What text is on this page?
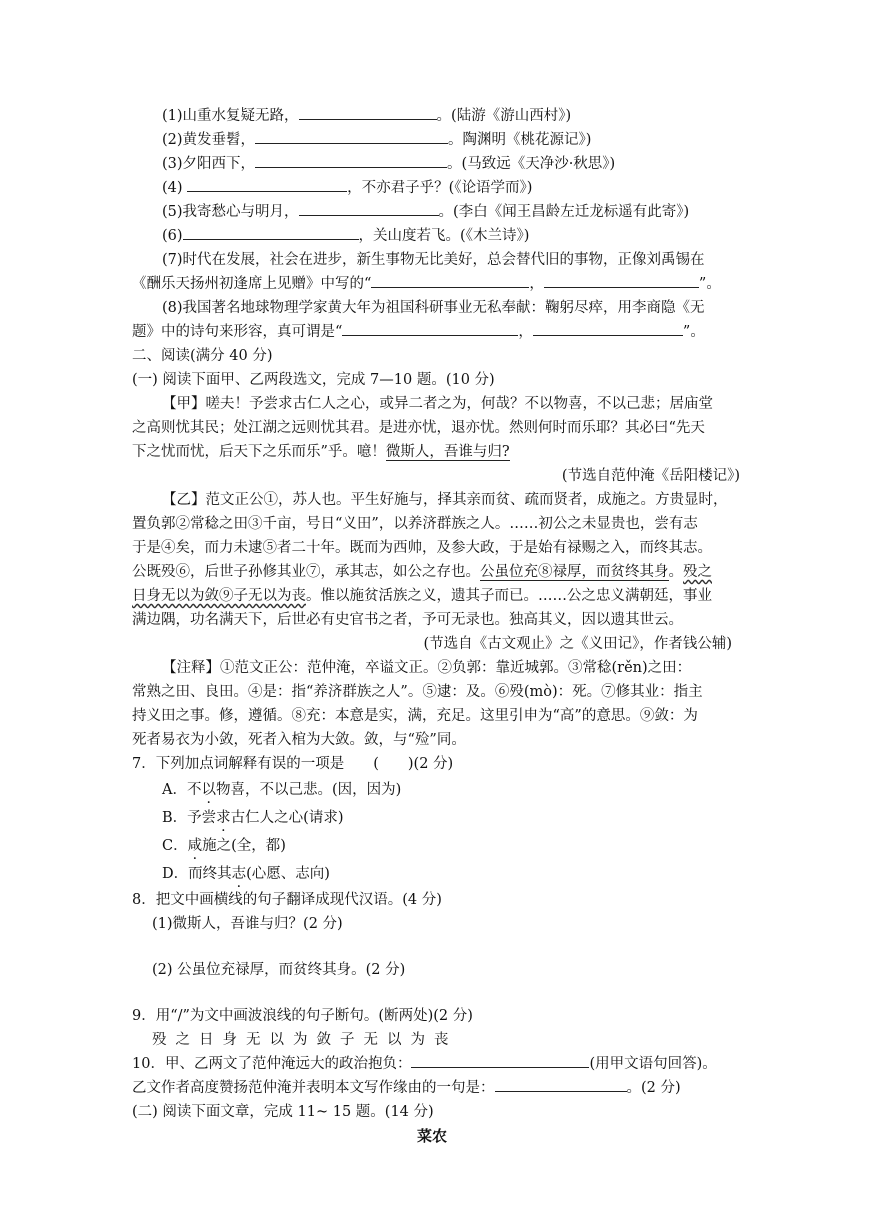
(1)山重水复疑无路，	。(陆游《游山西村》)
(2)黄发垂髫，	。陶渊明《桃花源记》)
(3)夕阳西下，	。(马致远《天净沙·秋思》)
(4)	，不亦君子乎？(《论语学而》)
(5)我寄愁心与明月，	。(李白《闻王昌龄左迁龙标遥有此寄》)
(6)	，关山度若飞。(《木兰诗》)
(7)时代在发展，社会在进步，新生事物无比美好，总会替代旧的事物，正像刘禹锡在
《酬乐天扬州初逢席上见赠》中写的“	，	”。
(8)我国著名地球物理学家黄大年为祖国科研事业无私奉献：鞠躬尽瘁，用李商隐《无
题》中的诗句来形容，真可谓是“	，	”。
二、阅读(满分 40 分)
(一) 阅读下面甲、乙两段选文，完成 7—10 题。(10 分)
【甲】嗟夫！予尝求古仁人之心，或异二者之为，何哉？不以物喜，不以己悲；居庙堂
之高则忧其民；处江湖之远则忧其君。是进亦忧，退亦忧。然则何时而乐耶？其必曰“先天
下之忧而忧，后天下之乐而乐”乎。噫！微斯人，吾谁与归?
(节选自范仲淹《岳阳楼记》)
【乙】范文正公①，苏人也。平生好施与，择其亲而贫、疏而贤者，成施之。方贵显时，
置负郭②常稔之田③千亩，号日“义田”，以养济群族之人。……初公之未显贵也，尝有志
于是④矣，而力未逮⑤者二十年。既而为西帅，及参大政，于是始有禄赐之入，而终其志。
公既殁⑥，后世子孙修其业⑦，承其志，如公之存也。公虽位充⑧禄厚，而贫终其身。殁之
日身无以为敛⑨子无以为丧。惟以施贫活族之义，遗其子而已。……公之忠义满朝廷，事业
满边隅，功名满天下，后世必有史官书之者，予可无录也。独高其义，因以遗其世云。
(节选自《古文观止》之《义田记》，作者钱公辅)
【注释】①范文正公：范仲淹，卒谥文正。②负郭：靠近城郭。③常稔(rěn)之田：
常熟之田、良田。④是：指“养济群族之人”。⑤逮：及。⑥殁(mò)：死。⑦修其业：指主
持义田之事。修，遵循。⑧充：本意是实，满，充足。这里引申为“高”的意思。⑨敛：为
死者易衣为小敛，死者入棺为大敛。敛，与“殓”同。
7．下列加点词解释有误的一项是　　(　　)(2 分)
A．不以物喜，不以己悲。(因，因为)
B．予尝求古仁人之心(请求)
C．咸施之(全，都)
D．而终其志(心愿、志向)
8．把文中画横线的句子翻译成现代汉语。(4 分)
(1)微斯人，吾谁与归？(2 分)
(2) 公虽位充禄厚，而贫终其身。(2 分)
9．用“/”为文中画波浪线的句子断句。(断两处)(2 分)
殁之日身无以为敛子无以为丧
10．甲、乙两文了范仲淹远大的政治抱负：	(用甲文语句回答)。
乙文作者高度赞扬范仲淹并表明本文写作缘由的一句是：	。(2 分)
(二) 阅读下面文章，完成 11~ 15 题。(14 分)
菜农
